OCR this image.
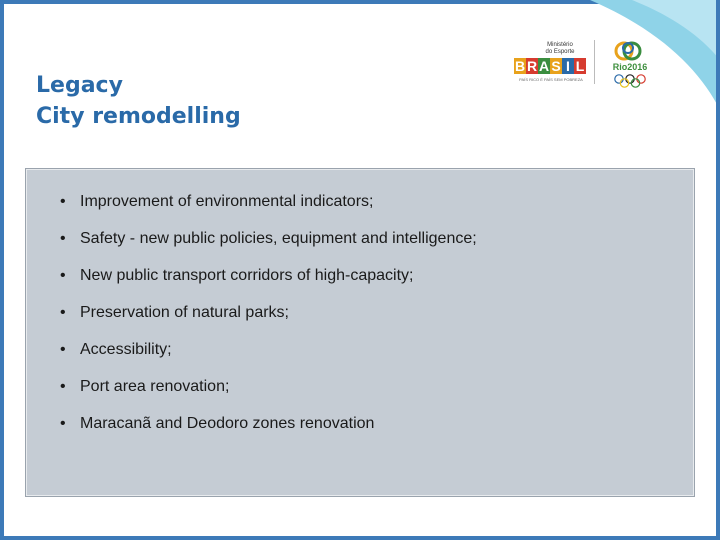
Legacy
City remodelling
Ministério
do Esporte
B R A S I L
PAÍS RICO É PAÍS SEM POBREZA
Rio2016
• Improvement of environmental indicators;
• Safety - new public policies, equipment and intelligence;
• New public transport corridors of high-capacity;
• Preservation of natural parks;
• Accessibility;
• Port area renovation;
• Maracanã and Deodoro zones renovation
